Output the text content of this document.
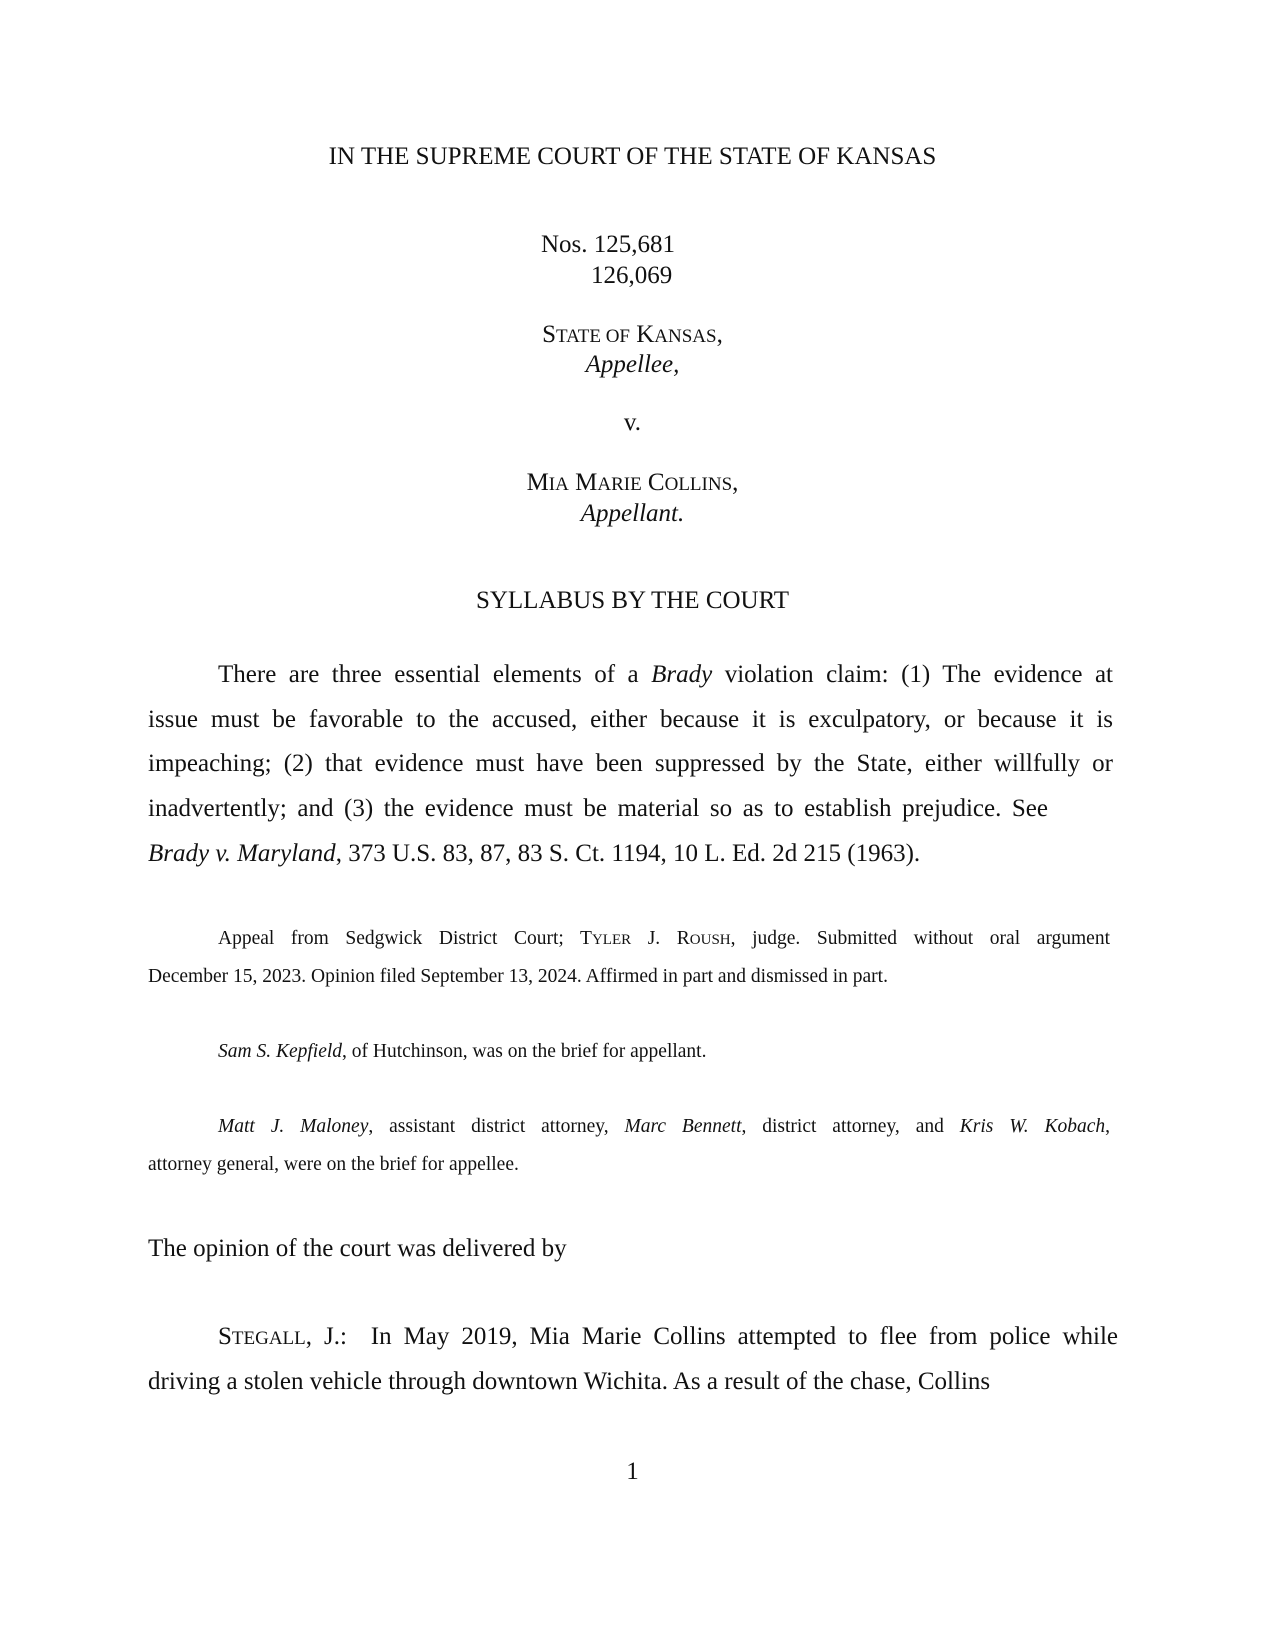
IN THE SUPREME COURT OF THE STATE OF KANSAS
Nos. 125,681
126,069
STATE OF KANSAS,
Appellee,
v.
MIA MARIE COLLINS,
Appellant.
SYLLABUS BY THE COURT
There are three essential elements of a Brady violation claim: (1) The evidence at
issue must be favorable to the accused, either because it is exculpatory, or because it is
impeaching; (2) that evidence must have been suppressed by the State, either willfully or
inadvertently; and (3) the evidence must be material so as to establish prejudice. See
Brady v. Maryland, 373 U.S. 83, 87, 83 S. Ct. 1194, 10 L. Ed. 2d 215 (1963).
Appeal from Sedgwick District Court; TYLER J. ROUSH, judge. Submitted without oral argument
December 15, 2023. Opinion filed September 13, 2024. Affirmed in part and dismissed in part.
Sam S. Kepfield, of Hutchinson, was on the brief for appellant.
Matt J. Maloney, assistant district attorney, Marc Bennett, district attorney, and Kris W. Kobach,
attorney general, were on the brief for appellee.
The opinion of the court was delivered by
STEGALL, J.:  In May 2019, Mia Marie Collins attempted to flee from police while
driving a stolen vehicle through downtown Wichita. As a result of the chase, Collins
1
